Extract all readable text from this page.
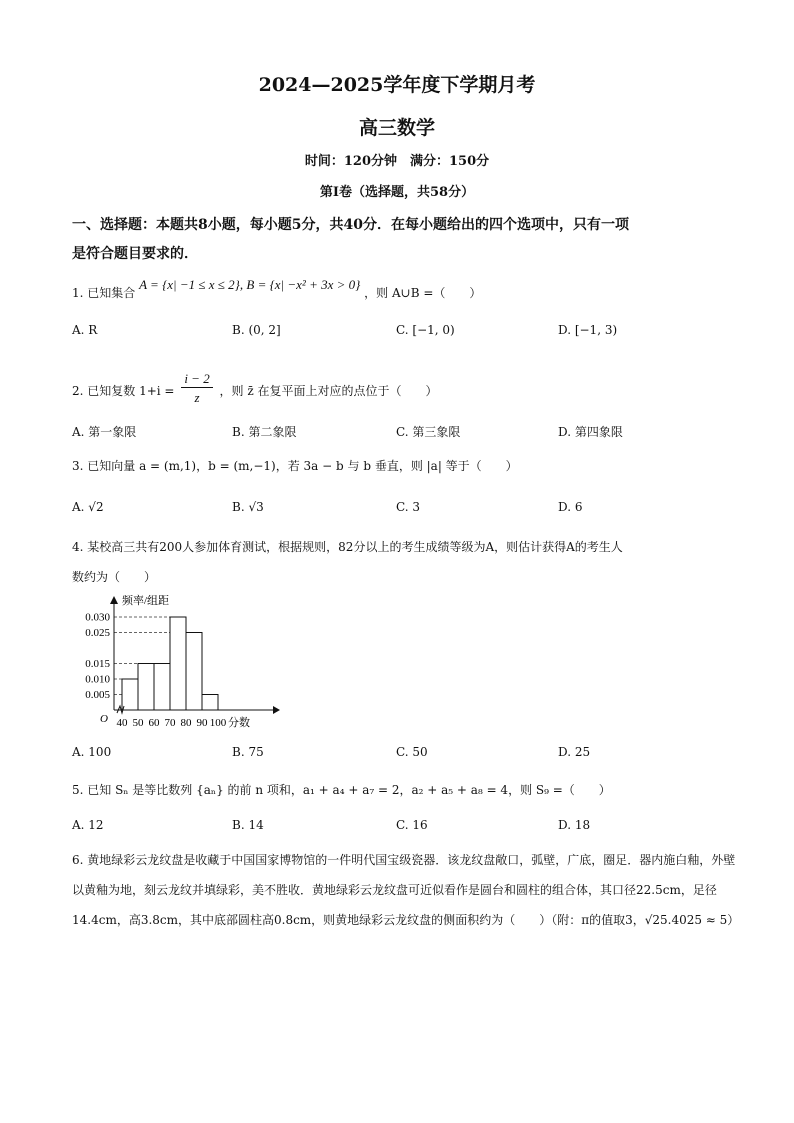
2024—2025学年度下学期月考
高三数学
时间：120分钟　满分：150分
第Ⅰ卷（选择题，共58分）
一、选择题：本题共8小题，每小题5分，共40分．在每小题给出的四个选项中，只有一项
是符合题目要求的．
1. 已知集合 A = {x| −1 ≤ x ≤ 2}, B = {x| −x² + 3x > 0} ，则 A∪B =（　　）
A. R	B. (0, 2]	C. [−1, 0)	D. [−1, 3)
2. 已知复数 $1+i = \frac{i - 2}{z}$ ，则 z̄ 在复平面上对应的点位于（　　）
A. 第一象限	B. 第二象限	C. 第三象限	D. 第四象限
3. 已知向量 a = (m,1)，b = (m,−1)，若 3a − b 与 b 垂直，则 |a| 等于（　　）
A. √2	B. √3	C. 3	D. 6
4. 某校高三共有200人参加体育测试，根据规则，82分以上的考生成绩等级为A，则估计获得A的考生人
数约为（　　）
0.030
0.025
0.015
0.010
0.005
频率/组距
O 40 50 60 70 80 90 100 分数
A. 100	B. 75	C. 50	D. 25
5. 已知 Sₙ 是等比数列 {aₙ} 的前 n 项和，a₁ + a₄ + a₇ = 2，a₂ + a₅ + a₈ = 4，则 S₉ =（　　）
A. 12	B. 14	C. 16	D. 18
6. 黄地绿彩云龙纹盘是收藏于中国国家博物馆的一件明代国宝级瓷器．该龙纹盘敞口，弧壁，广底，圈足．器内施白釉，外壁以黄釉为地，刻云龙纹并填绿彩，美不胜收．黄地绿彩云龙纹盘可近似看作是圆台和圆柱的组合体，其口径22.5cm，足径14.4cm，高3.8cm，其中底部圆柱高0.8cm，则黄地绿彩云龙纹盘的侧面积约为（　　）（附：π的值取3，√25.4025 ≈ 5）
